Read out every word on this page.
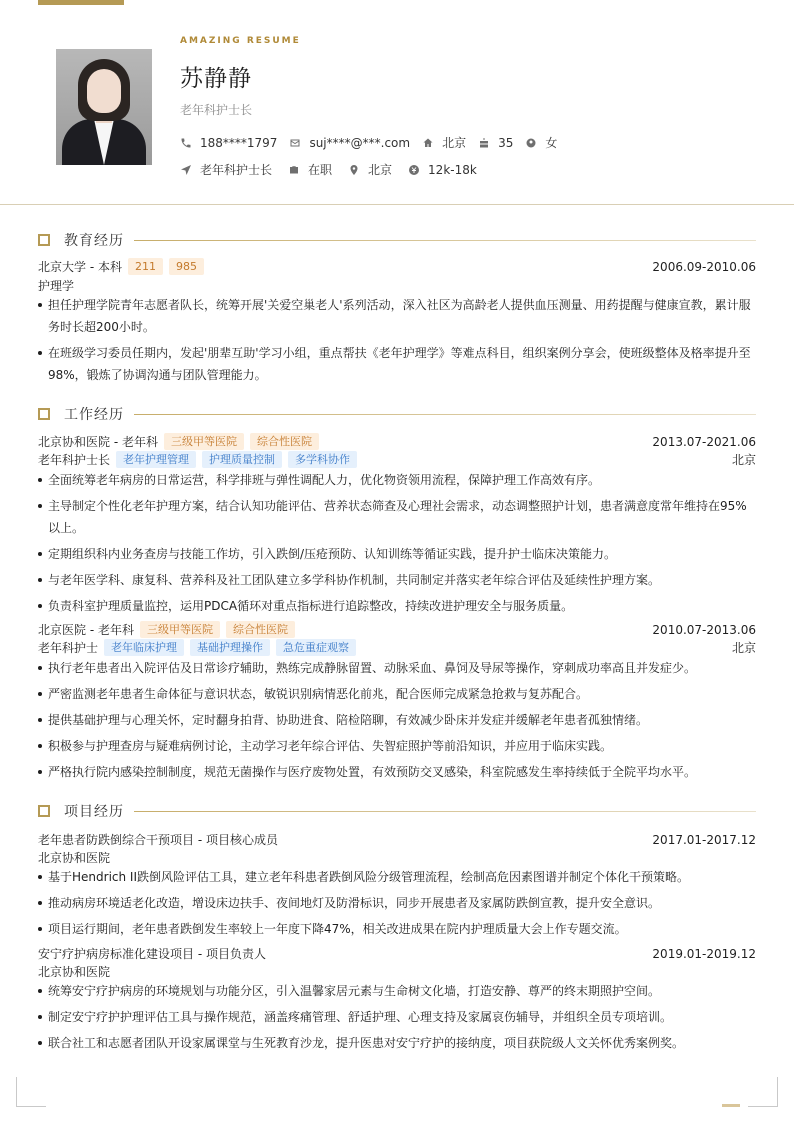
AMAZING RESUME
苏静静
老年科护士长
188****1797	suj****@***.com	北京	35	女
老年科护士长	在职	北京	12k-18k
教育经历
北京大学 - 本科	211	985	2006.09-2010.06
护理学
担任护理学院青年志愿者队长，统筹开展'关爱空巢老人'系列活动，深入社区为高龄老人提供血压测量、用药提醒与健康宣教，累计服务时长超200小时。
在班级学习委员任期内，发起'朋辈互助'学习小组，重点帮扶《老年护理学》等难点科目，组织案例分享会，使班级整体及格率提升至98%，锻炼了协调沟通与团队管理能力。
工作经历
北京协和医院 - 老年科	三级甲等医院	综合性医院	2013.07-2021.06
老年科护士长	老年护理管理	护理质量控制	多学科协作	北京
全面统筹老年病房的日常运营，科学排班与弹性调配人力，优化物资领用流程，保障护理工作高效有序。
主导制定个性化老年护理方案，结合认知功能评估、营养状态筛查及心理社会需求，动态调整照护计划，患者满意度常年维持在95%以上。
定期组织科内业务查房与技能工作坊，引入跌倒/压疮预防、认知训练等循证实践，提升护士临床决策能力。
与老年医学科、康复科、营养科及社工团队建立多学科协作机制，共同制定并落实老年综合评估及延续性护理方案。
负责科室护理质量监控，运用PDCA循环对重点指标进行追踪整改，持续改进护理安全与服务质量。
北京医院 - 老年科	三级甲等医院	综合性医院	2010.07-2013.06
老年科护士	老年临床护理	基础护理操作	急危重症观察	北京
执行老年患者出入院评估及日常诊疗辅助，熟练完成静脉留置、动脉采血、鼻饲及导尿等操作，穿刺成功率高且并发症少。
严密监测老年患者生命体征与意识状态，敏锐识别病情恶化前兆，配合医师完成紧急抢救与复苏配合。
提供基础护理与心理关怀，定时翻身拍背、协助进食、陪检陪聊，有效减少卧床并发症并缓解老年患者孤独情绪。
积极参与护理查房与疑难病例讨论，主动学习老年综合评估、失智症照护等前沿知识，并应用于临床实践。
严格执行院内感染控制制度，规范无菌操作与医疗废物处置，有效预防交叉感染，科室院感发生率持续低于全院平均水平。
项目经历
老年患者防跌倒综合干预项目 - 项目核心成员	2017.01-2017.12
北京协和医院
基于Hendrich II跌倒风险评估工具，建立老年科患者跌倒风险分级管理流程，绘制高危因素图谱并制定个体化干预策略。
推动病房环境适老化改造，增设床边扶手、夜间地灯及防滑标识，同步开展患者及家属防跌倒宣教，提升安全意识。
项目运行期间，老年患者跌倒发生率较上一年度下降47%，相关改进成果在院内护理质量大会上作专题交流。
安宁疗护病房标准化建设项目 - 项目负责人	2019.01-2019.12
北京协和医院
统筹安宁疗护病房的环境规划与功能分区，引入温馨家居元素与生命树文化墙，打造安静、尊严的终末期照护空间。
制定安宁疗护护理评估工具与操作规范，涵盖疼痛管理、舒适护理、心理支持及家属哀伤辅导，并组织全员专项培训。
联合社工和志愿者团队开设家属课堂与生死教育沙龙，提升医患对安宁疗护的接纳度，项目获院级人文关怀优秀案例奖。
